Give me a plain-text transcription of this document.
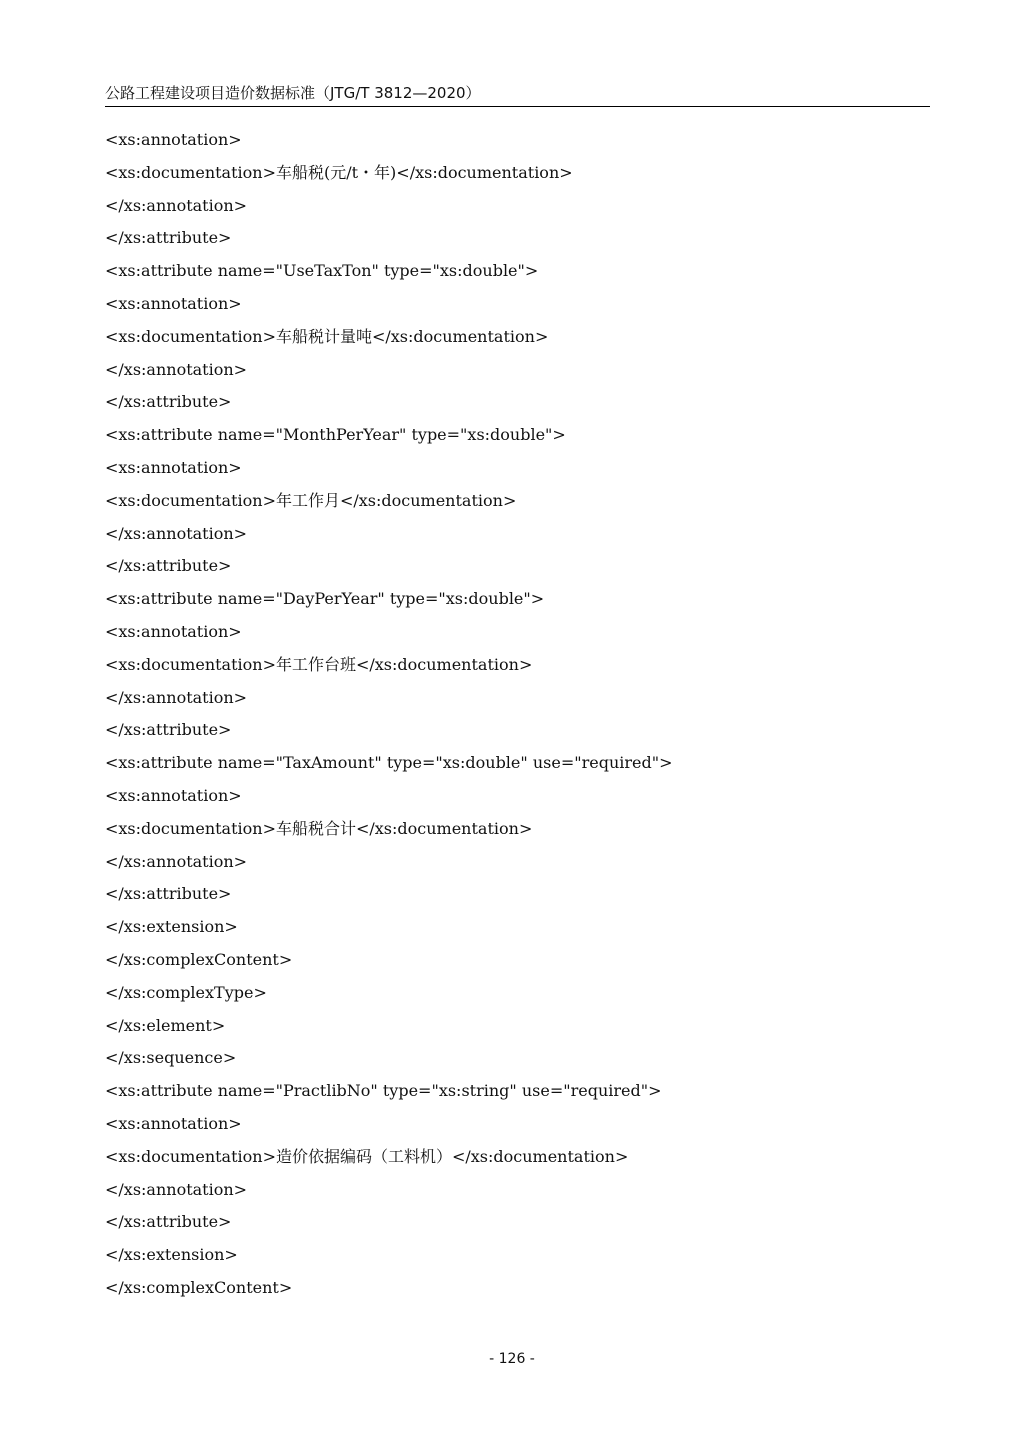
公路工程建设项目造价数据标准（JTG/T 3812—2020）
<xs:annotation>
<xs:documentation>车船税(元/t・年)</xs:documentation>
</xs:annotation>
</xs:attribute>
<xs:attribute name="UseTaxTon" type="xs:double">
<xs:annotation>
<xs:documentation>车船税计量吨</xs:documentation>
</xs:annotation>
</xs:attribute>
<xs:attribute name="MonthPerYear" type="xs:double">
<xs:annotation>
<xs:documentation>年工作月</xs:documentation>
</xs:annotation>
</xs:attribute>
<xs:attribute name="DayPerYear" type="xs:double">
<xs:annotation>
<xs:documentation>年工作台班</xs:documentation>
</xs:annotation>
</xs:attribute>
<xs:attribute name="TaxAmount" type="xs:double" use="required">
<xs:annotation>
<xs:documentation>车船税合计</xs:documentation>
</xs:annotation>
</xs:attribute>
</xs:extension>
</xs:complexContent>
</xs:complexType>
</xs:element>
</xs:sequence>
<xs:attribute name="PractlibNo" type="xs:string" use="required">
<xs:annotation>
<xs:documentation>造价依据编码（工料机）</xs:documentation>
</xs:annotation>
</xs:attribute>
</xs:extension>
</xs:complexContent>
- 126 -
